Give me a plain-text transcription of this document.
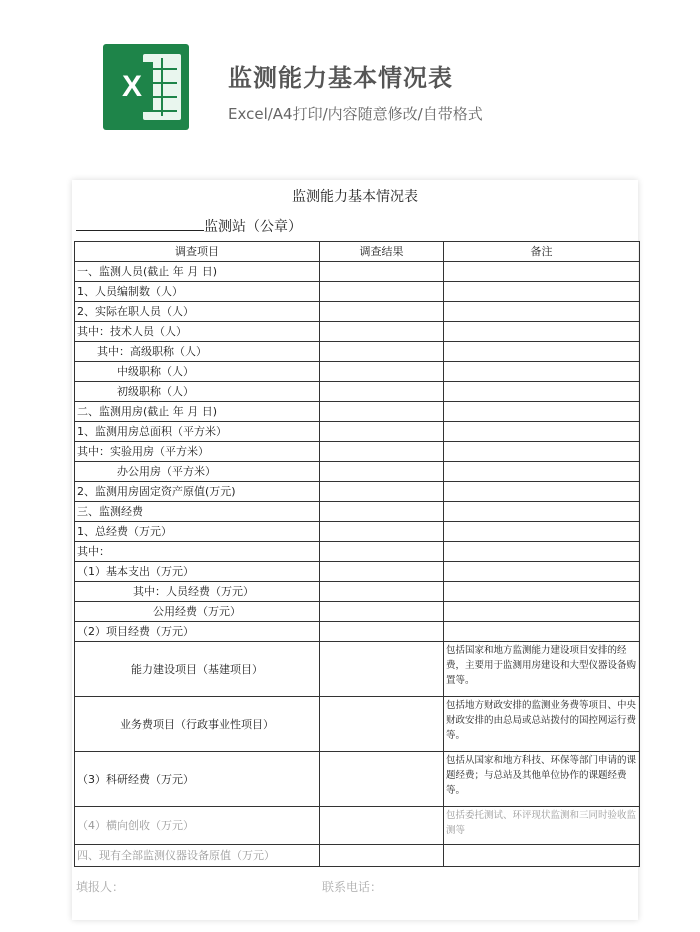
X	监测能力基本情况表
Excel/A4打印/内容随意修改/自带格式
监测能力基本情况表
监测站（公章）
调查项目	调查结果	备注
一、监测人员(截止 年 月 日)		
1、人员编制数（人）		
2、实际在职人员（人）		
其中：技术人员（人）		
其中：高级职称（人）		
中级职称（人）		
初级职称（人）		
二、监测用房(截止 年 月 日)		
1、监测用房总面积（平方米）		
其中：实验用房（平方米）		
办公用房（平方米）		
2、监测用房固定资产原值(万元)		
三、监测经费		
1、总经费（万元）		
其中：		
（1）基本支出（万元）		
其中：人员经费（万元）		
公用经费（万元）		
（2）项目经费（万元）		
能力建设项目（基建项目）		包括国家和地方监测能力建设项目安排的经费，主要用于监测用房建设和大型仪器设备购置等。
业务费项目（行政事业性项目）		包括地方财政安排的监测业务费等项目、中央财政安排的由总局或总站拨付的国控网运行费等。
（3）科研经费（万元）		包括从国家和地方科技、环保等部门申请的课题经费；与总站及其他单位协作的课题经费等。
（4）横向创收（万元）		包括委托测试、环评现状监测和三同时验收监测等
四、现有全部监测仪器设备原值（万元）		
填报人：	联系电话：
